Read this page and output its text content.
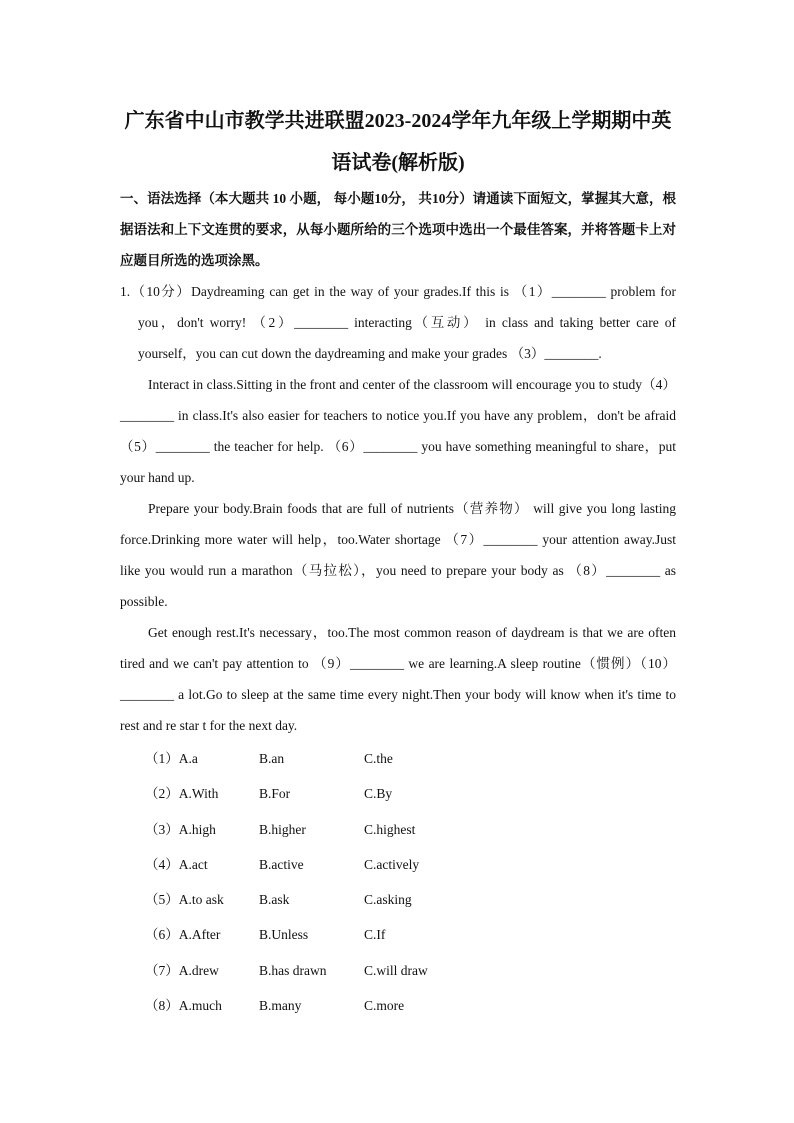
广东省中山市教学共进联盟2023-2024学年九年级上学期期中英语试卷(解析版)
一、语法选择（本大题共 10 小题， 每小题10分， 共10分）请通读下面短文，掌握其大意，根据语法和上下文连贯的要求，从每小题所给的三个选项中选出一个最佳答案，并将答题卡上对应题目所选的选项涂黑。

1.（10分）Daydreaming can get in the way of your grades.If this is （1）________ problem for you，don't worry! （2）________ interacting（互动） in class and taking better care of yourself，you can cut down the daydreaming and make your grades （3）________.

Interact in class.Sitting in the front and center of the classroom will encourage you to study（4）________ in class.It's also easier for teachers to notice you.If you have any problem，don't be afraid （5）________ the teacher for help. （6）________ you have something meaningful to share，put your hand up.

Prepare your body.Brain foods that are full of nutrients（营养物） will give you long lasting force.Drinking more water will help，too.Water shortage （7）________ your attention away.Just like you would run a marathon（马拉松），you need to prepare your body as （8）________ as possible.

Get enough rest.It's necessary，too.The most common reason of daydream is that we are often tired and we can't pay attention to （9）________ we are learning.A sleep routine（惯例）（10）________ a lot.Go to sleep at the same time every night.Then your body will know when it's time to rest and re star t for the next day.

（1）A.a	B.an	C.the
（2）A.With	B.For	C.By
（3）A.high	B.higher	C.highest
（4）A.act	B.active	C.actively
（5）A.to ask	B.ask	C.asking
（6）A.After	B.Unless	C.If
（7）A.drew	B.has drawn	C.will draw
（8）A.much	B.many	C.more
